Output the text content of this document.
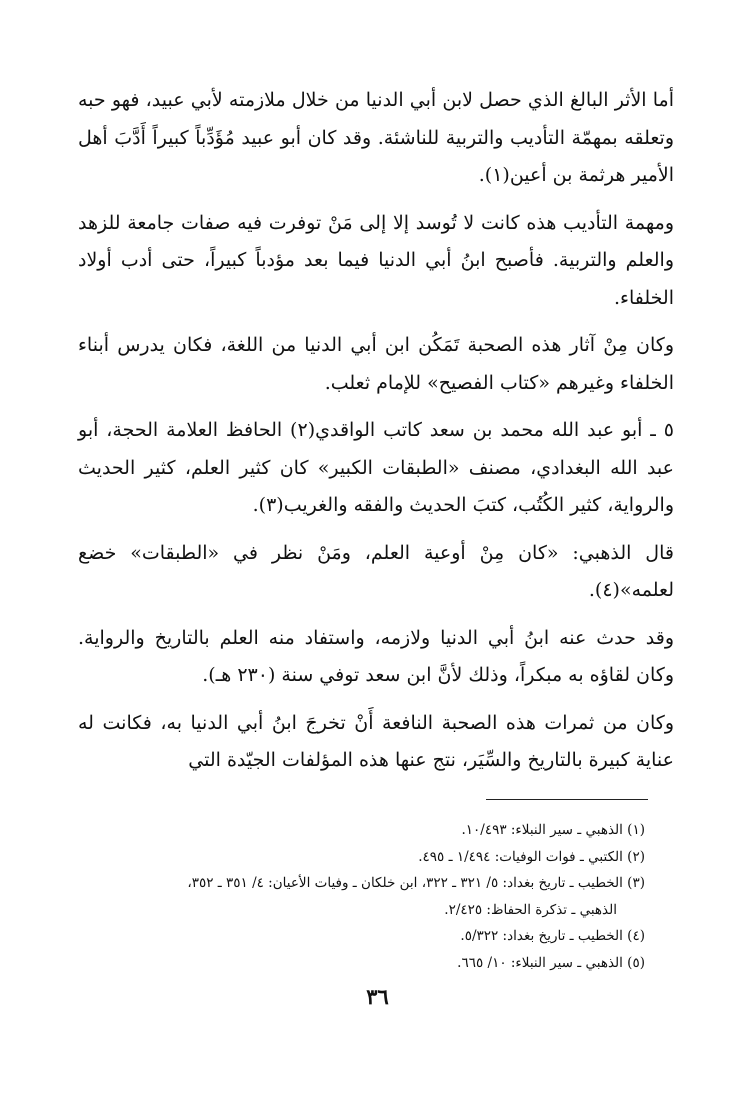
أما الأثر البالغ الذي حصل لابن أبي الدنيا من خلال ملازمته لأبي عبيد، فهو حبه وتعلقه بمهمّة التأديب والتربية للناشئة. وقد كان أبو عبيد مُؤَدِّباً كبيراً أَدَّبَ أهل الأمير هرثمة بن أعين(١).

ومهمة التأديب هذه كانت لا تُوسد إلا إلى مَنْ توفرت فيه صفات جامعة للزهد والعلم والتربية. فأصبح ابنُ أبي الدنيا فيما بعد مؤدباً كبيراً، حتى أدب أولاد الخلفاء.

وكان مِنْ آثار هذه الصحبة تَمَكُن ابن أبي الدنيا من اللغة، فكان يدرس أبناء الخلفاء وغيرهم «كتاب الفصيح» للإمام ثعلب.

٥ ـ أبو عبد الله محمد بن سعد كاتب الواقدي(٢) الحافظ العلامة الحجة، أبو عبد الله البغدادي، مصنف «الطبقات الكبير» كان كثير العلم، كثير الحديث والرواية، كثير الكُتُب، كتبَ الحديث والفقه والغريب(٣).

قال الذهبي: «كان مِنْ أوعية العلم، ومَنْ نظر في «الطبقات» خضع لعلمه»(٤).

وقد حدث عنه ابنُ أبي الدنيا ولازمه، واستفاد منه العلم بالتاريخ والرواية. وكان لقاؤه به مبكراً، وذلك لأنَّ ابن سعد توفي سنة (٢٣٠ هـ).

وكان من ثمرات هذه الصحبة النافعة أَنْ تخرجَ ابنُ أبي الدنيا به، فكانت له عناية كبيرة بالتاريخ والسِّيَر، نتج عنها هذه المؤلفات الجيّدة التي

(١) الذهبي ـ سير النبلاء: ١٠/٤٩٣.
(٢) الكتبي ـ فوات الوفيات: ١/٤٩٤ ـ ٤٩٥.
(٣) الخطيب ـ تاريخ بغداد: ٥/ ٣٢١ ـ ٣٢٢، ابن خلكان ـ وفيات الأعيان: ٤/ ٣٥١ ـ ٣٥٢،
الذهبي ـ تذكرة الحفاظ: ٢/٤٢٥.
(٤) الخطيب ـ تاريخ بغداد: ٥/٣٢٢.
(٥) الذهبي ـ سير النبلاء: ١٠/ ٦٦٥.
٣٦
